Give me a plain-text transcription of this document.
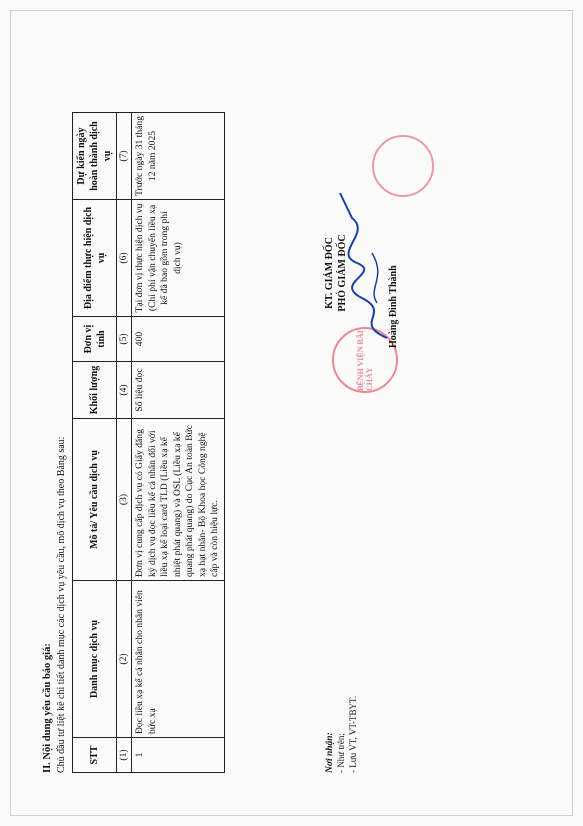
II. Nội dung yêu cầu báo giá: Chủ đầu tư liệt kê chi tiết danh mục các dịch vụ yêu cầu, mô dịch vụ theo Bảng sau: STT	Danh mục dịch vụ	Mô tả/ Yêu cầu dịch vụ	Khối lượng	Đơn vị tính	Địa điểm thực hiện dịch vụ	Dự kiến ngày hoàn thành dịch vụ
(1)	(2)	(3)	(4)	(5)	(6)	(7)
1	Đọc liều xạ kế cá nhân cho nhân viên bức xạ	Đơn vị cung cấp dịch vụ có Giấy đăng ký dịch vụ đọc liều kế cá nhân đối với liều xạ kế loại card TLD (Liều xạ kế nhiệt phát quang) và OSL (Liều xạ kế quang phát quang) do Cục An toàn Bức xạ hạt nhân- Bộ Khoa học Công nghệ cấp và còn hiệu lực.	Số liệu đọc	400	Tại đơn vị thực hiện dịch vụ (Chi phí vận chuyển liều xạ kế đã bao gồm trong phí dịch vụ)	Trước ngày 31 tháng 12 năm 2025
Nơi nhận: - Như trên; - Lưu VT, VT-TBYT.
KT. GIÁM ĐỐC PHÓ GIÁM ĐỐC
BỆNH VIỆN BÃI CHÁY
Hoàng Đình Thành
